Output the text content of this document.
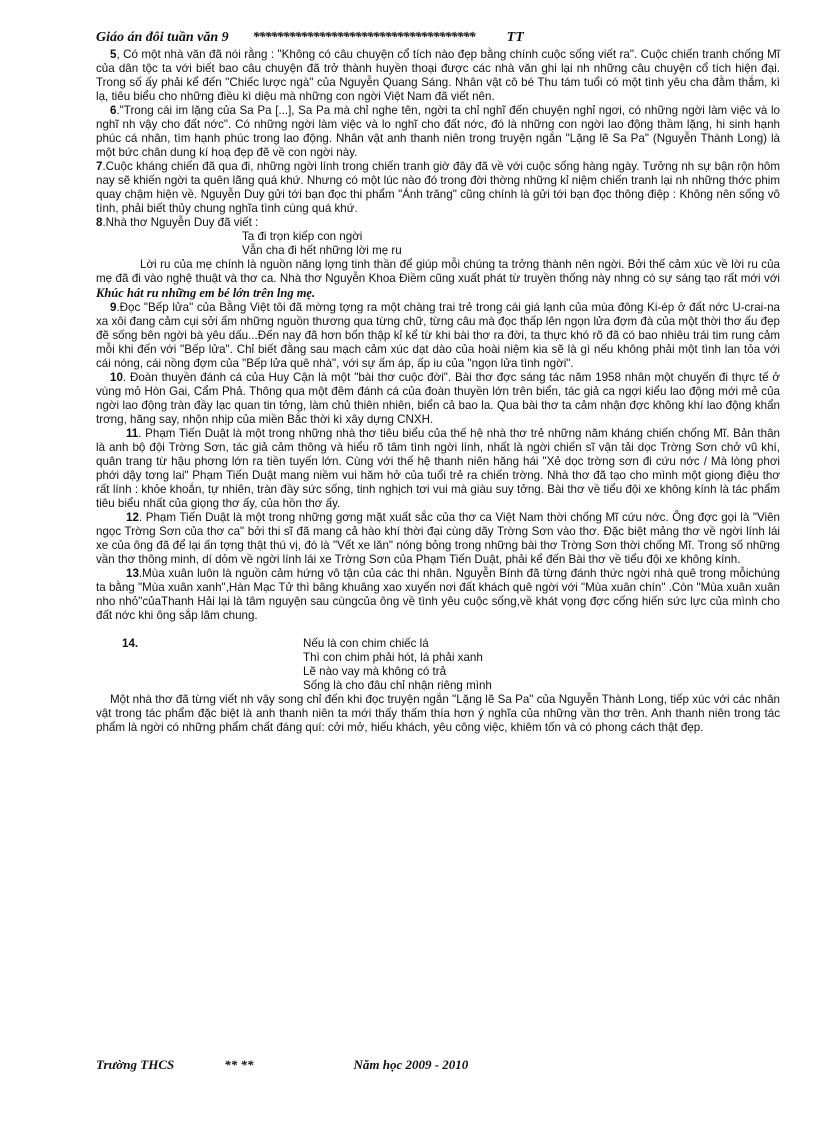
Giáo án đôi tuần văn 9 ************************************* TT

5, Có một nhà văn đã nói rằng : "Không có câu chuyện cổ tích nào đẹp bằng chính cuộc sống viết ra". Cuộc chiến tranh chống Mĩ của dân tộc ta với biết bao câu chuyện đã trở thành huyền thoại được các nhà văn ghi lại nh những câu chuyện cổ tích hiện đại. Trong số ấy phải kể đến "Chiếc lược ngà" của Nguyễn Quang Sáng. Nhân vật cô bé Thu tám tuổi có một tình yêu cha đằm thắm, kì lạ, tiêu biểu cho những điều kì diệu mà những con ngời Việt Nam đã viết nên.

6."Trong cái im lặng của Sa Pa [...], Sa Pa mà chỉ nghe tên, ngời ta chỉ nghĩ đến chuyện nghỉ ngơi, có những ngời làm việc và lo nghĩ nh vậy cho đất nớc". Có những ngời làm việc và lo nghĩ cho đất nớc, đó là những con ngời lao động thầm lặng, hi sinh hạnh phúc cá nhân, tìm hạnh phúc trong lao động. Nhân vật anh thanh niên trong truyện ngắn "Lặng lẽ Sa Pa" (Nguyễn Thành Long) là một bức chân dung kí hoạ đẹp đẽ về con ngời này.

7.Cuộc kháng chiến đã qua đi, những ngời lính trong chiến tranh giờ đây đã về với cuộc sống hàng ngày. Tưởng nh sự bận rộn hôm nay sẽ khiến ngời ta quên lãng quá khứ. Nhưng có một lúc nào đó trong đời thờng những kỉ niệm chiến tranh lại nh những thớc phim quay chậm hiện về. Nguyễn Duy gửi tới bạn đọc thi phẩm "Ánh trăng" cũng chính là gửi tới bạn đọc thông điệp : Không nên sống vô tình, phải biết thủy chung nghĩa tình cùng quá khứ.

8.Nhà thơ Nguyễn Duy đã viết :

Ta đi trọn kiếp con ngời

Vẫn cha đi hết những lời mẹ ru

Lời ru của mẹ chính là nguồn năng lợng tinh thần để giúp mỗi chúng ta trởng thành nên ngời. Bởi thế cảm xúc về lời ru của mẹ đã đi vào nghệ thuật và thơ ca. Nhà thơ Nguyễn Khoa Điềm cũng xuất phát từ truyền thống này nhng có sự sáng tạo rất mới với Khúc hát ru những em bé lớn trên lng mẹ.

9.Đọc "Bếp lửa" của Bằng Việt tôi đã mờng tợng ra một chàng trai trẻ trong cái giá lạnh của mùa đông Ki-ép ở đất nớc U-crai-na xa xôi đang cảm cụi sởi ấm những nguồn thương qua từng chữ, từng câu mà đọc thấp lên ngọn lửa đợm đà của một thời thơ ấu đẹp đẽ sống bên ngời bà yêu dấu...Đến nay đã hơn bốn thập kỉ kể từ khi bài thơ ra đời, ta thực khó rõ đã có bao nhiêu trái tim rung cảm mỗi khi đến với "Bếp lửa". Chỉ biết đằng sau mạch cảm xúc dạt dào của hoài niệm kia sẽ là gì nếu không phải một tình lan tỏa với cái nóng, cái nồng đợm của "Bếp lửa quê nhà", với sự ấm áp, ấp iu của "ngọn lửa tình ngời".

10. Đoàn thuyền đánh cá của Huy Cận là một "bài thơ cuộc đời". Bài thơ đợc sáng tác năm 1958 nhân một chuyến đi thực tế ở vùng mỏ Hòn Gai, Cẩm Phả. Thông qua một đêm đánh cá của đoàn thuyền lớn trên biển, tác giả ca ngợi kiểu lao động mới mẻ của ngời lao động tràn đầy lạc quan tin tởng, làm chủ thiên nhiên, biển cả bao la. Qua bài thơ ta cảm nhận đợc không khí lao động khẩn trơng, hăng say, nhộn nhịp của miền Bắc thời kì xây dựng CNXH.

11. Phạm Tiến Duật là một trong những nhà thơ tiêu biểu của thế hệ nhà thơ trẻ những năm kháng chiến chống Mĩ. Bản thân là anh bộ đội Trờng Sơn, tác giả cảm thông và hiểu rõ tâm tình ngời lính, nhất là ngời chiến sĩ vận tải dọc Trờng Sơn chở vũ khí, quân trang từ hậu phơng lớn ra tiền tuyến lớn. Cùng với thế hệ thanh niên hăng hái "Xẻ dọc trờng sơn đi cứu nớc / Mà lòng phơi phới dậy tơng lai" Phạm Tiến Duật mang niềm vui hăm hở của tuổi trẻ ra chiến trờng. Nhà thơ đã tạo cho mình một giọng điệu thơ rất lính : khỏe khoắn, tự nhiên, tràn đầy sức sống, tinh nghịch tơi vui mà giàu suy tởng. Bài thơ về tiểu đội xe không kính là tác phẩm tiêu biểu nhất của giọng thơ ấy, của hồn thơ ấy.

12. Phạm Tiến Duật là một trong những gơng mặt xuất sắc của thơ ca Việt Nam thời chống Mĩ cứu nớc. Ông đợc gọi là "Viên ngọc Trờng Sơn của thơ ca" bởi thi sĩ đã mang cả hào khí thời đại cùng dãy Trờng Sơn vào thơ. Đặc biệt mảng thơ về ngời lính lái xe của ông đã để lại ấn tợng thật thú vị, đó là "Vết xe lăn" nóng bỏng trong những bài thơ Trờng Sơn thời chống Mĩ. Trong số những vần thơ thông minh, dí dỏm về ngời lính lái xe Trờng Sơn của Phạm Tiến Duật, phải kể đến Bài thơ về tiểu đội xe không kính.

13.Mùa xuân luôn là nguồn cảm hứng vô tận của các thi nhân. Nguyễn Bính đã từng đánh thức ngời nhà quê trong mỗichúng ta bằng "Mùa xuân xanh",Hàn Mạc Tử thì bâng khuâng xao xuyến nơi đất khách quê ngời với "Mùa xuân chín" .Còn "Mùa xuân xuân nho nhỏ"củaThanh Hải lại là tâm nguyện sau cùngcủa ông về tình yêu cuộc sống,về khát vọng đợc cống hiến sức lực của mình cho đất nớc khi ông sắp lâm chung.

14.	Nếu là con chim chiếc lá

Thì con chim phải hót, lá phải xanh

Lẽ nào vay mà không có trả

Sống là cho đâu chỉ nhận riêng mình

Một nhà thơ đã từng viết nh vậy song chỉ đến khi đọc truyện ngắn "Lặng lẽ Sa Pa" của Nguyễn Thành Long, tiếp xúc với các nhân vật trong tác phẩm đặc biệt là anh thanh niên ta mới thấy thấm thía hơn ý nghĩa của những vần thơ trên. Anh thanh niên trong tác phẩm là ngời có những phẩm chất đáng quí: cởi mở, hiếu khách, yêu công việc, khiêm tốn và có phong cách thật đẹp.

Trường THCS	** **	Năm học 2009 - 2010
